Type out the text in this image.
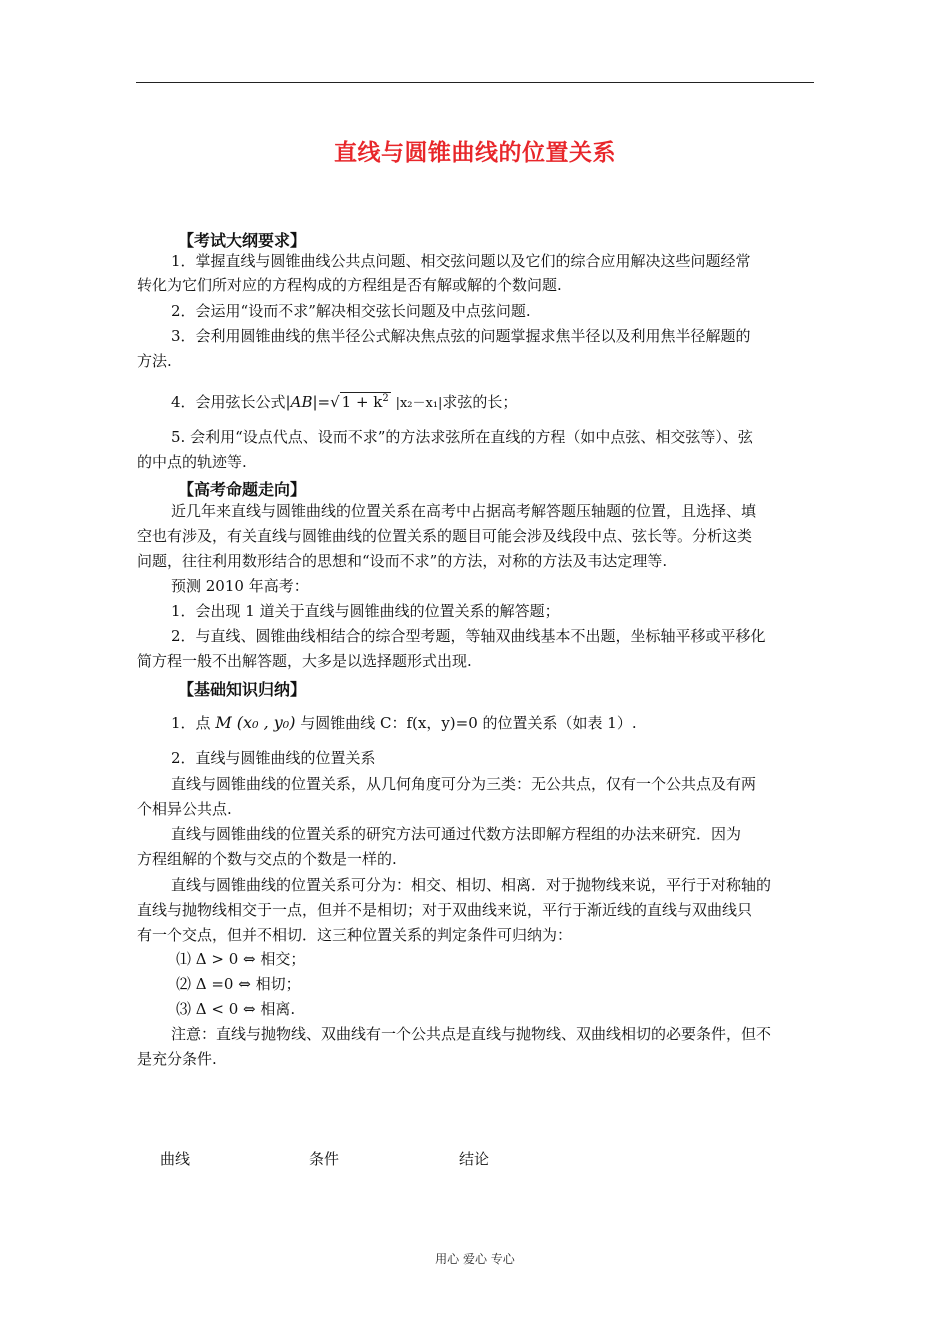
直线与圆锥曲线的位置关系
【考试大纲要求】
1．掌握直线与圆锥曲线公共点问题、相交弦问题以及它们的综合应用解决这些问题经常
转化为它们所对应的方程构成的方程组是否有解或解的个数问题.
2．会运用“设而不求”解决相交弦长问题及中点弦问题.
3．会利用圆锥曲线的焦半径公式解决焦点弦的问题掌握求焦半径以及利用焦半径解题的
方法.
4．会用弦长公式|AB|=√ $1 + k^2$ |x₂－x₁|求弦的长；
5. 会利用“设点代点、设而不求”的方法求弦所在直线的方程（如中点弦、相交弦等）、弦
的中点的轨迹等.
【高考命题走向】
近几年来直线与圆锥曲线的位置关系在高考中占据高考解答题压轴题的位置，且选择、填
空也有涉及，有关直线与圆锥曲线的位置关系的题目可能会涉及线段中点、弦长等。分析这类
问题，往往利用数形结合的思想和“设而不求”的方法，对称的方法及韦达定理等.
预测 2010 年高考：
1．会出现 1 道关于直线与圆锥曲线的位置关系的解答题；
2．与直线、圆锥曲线相结合的综合型考题，等轴双曲线基本不出题，坐标轴平移或平移化
简方程一般不出解答题，大多是以选择题形式出现.
【基础知识归纳】
1．点 M (x₀ , y₀) 与圆锥曲线 C：f(x，y)=0 的位置关系（如表 1）.
2．直线与圆锥曲线的位置关系
直线与圆锥曲线的位置关系，从几何角度可分为三类：无公共点，仅有一个公共点及有两
个相异公共点.
直线与圆锥曲线的位置关系的研究方法可通过代数方法即解方程组的办法来研究．因为
方程组解的个数与交点的个数是一样的.
直线与圆锥曲线的位置关系可分为：相交、相切、相离．对于抛物线来说，平行于对称轴的
直线与抛物线相交于一点，但并不是相切；对于双曲线来说，平行于渐近线的直线与双曲线只
有一个交点，但并不相切．这三种位置关系的判定条件可归纳为：
⑴ Δ > 0 ⇔ 相交；
⑵ Δ =0 ⇔ 相切；
⑶ Δ < 0 ⇔ 相离.
注意：直线与抛物线、双曲线有一个公共点是直线与抛物线、双曲线相切的必要条件，但不
是充分条件.
曲线	条件	结论
用心 爱心 专心
